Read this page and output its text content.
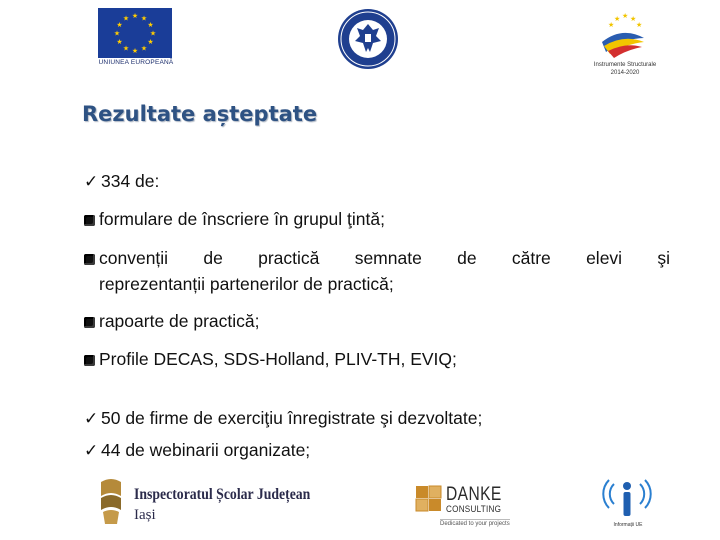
★ ★
★
★
★
★
★
★
★
★
★
★
UNIUNEA EUROPEANĂ
★ ★
★
★
★
Instrumente Structurale
2014-2020
Rezultate așteptate
✓ 334 de:
formulare de înscriere în grupul ţintă;
convenții de practică semnate de către elevi şi
reprezentanții partenerilor de practică;
rapoarte de practică;
Profile DECAS, SDS-Holland, PLIV-TH, EVIQ;
✓ 50 de firme de exerciţiu înregistrate şi dezvoltate;
✓ 44 de webinarii organizate;
Inspectoratul Școlar Județean
Iași
DANKE
CONSULTING
Dedicated to your projects	Informații UE
